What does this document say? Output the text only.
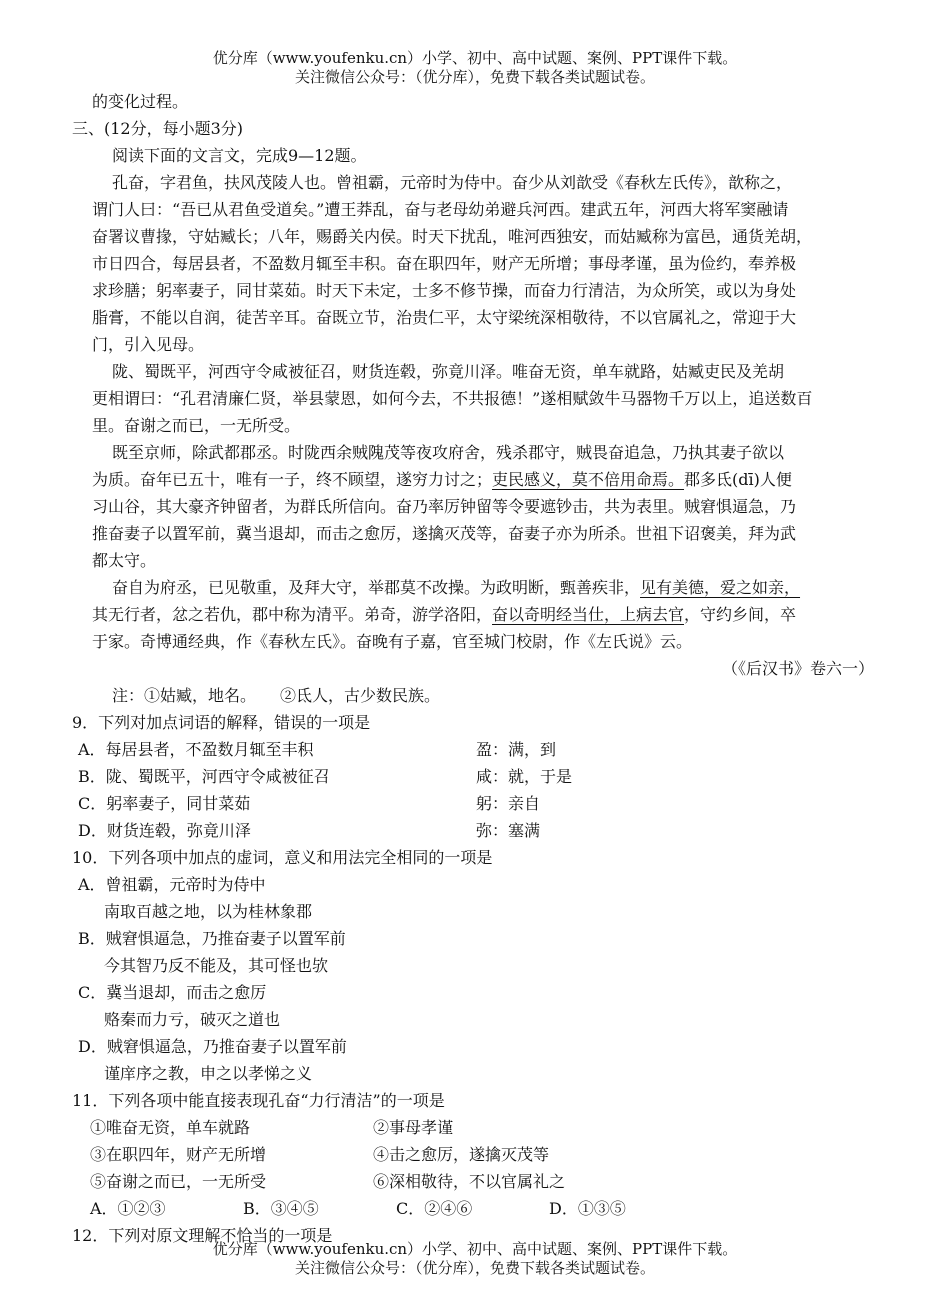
优分库（www.youfenku.cn）小学、初中、高中试题、案例、PPT课件下载。
关注微信公众号：（优分库），免费下载各类试题试卷。
的变化过程。
三、(12分，每小题3分)
阅读下面的文言文，完成9—12题。
孔奋，字君鱼，扶风茂陵人也。曾祖霸，元帝时为侍中。奋少从刘歆受《春秋左氏传》，歆称之，
谓门人曰：“吾已从君鱼受道矣。”遭王莽乱，奋与老母幼弟避兵河西。建武五年，河西大将军窦融请
奋署议曹掾，守姑臧长；八年，赐爵关内侯。时天下扰乱，唯河西独安，而姑臧称为富邑，通货羌胡，
市日四合，每居县者，不盈数月辄至丰积。奋在职四年，财产无所增；事母孝谨，虽为俭约，奉养极
求珍膳；躬率妻子，同甘菜茹。时天下未定，士多不修节操，而奋力行清洁，为众所笑，或以为身处
脂膏，不能以自润，徒苦辛耳。奋既立节，治贵仁平，太守梁统深相敬待，不以官属礼之，常迎于大
门，引入见母。
陇、蜀既平，河西守令咸被征召，财货连毂，弥竟川泽。唯奋无资，单车就路，姑臧吏民及羌胡
更相谓曰：“孔君清廉仁贤，举县蒙恩，如何今去，不共报德！”遂相赋敛牛马器物千万以上，追送数百
里。奋谢之而已，一无所受。
既至京师，除武都郡丞。时陇西余贼隗茂等夜攻府舍，残杀郡守，贼畏奋追急，乃执其妻子欲以
为质。奋年已五十，唯有一子，终不顾望，遂穷力讨之；吏民感义，莫不倍用命焉。郡多氐(dī)人便
习山谷，其大豪齐钟留者，为群氐所信向。奋乃率厉钟留等令要遮钞击，共为表里。贼窘惧逼急，乃
推奋妻子以置军前，冀当退却，而击之愈厉，遂擒灭茂等，奋妻子亦为所杀。世祖下诏褒美，拜为武
都太守。
奋自为府丞，已见敬重，及拜大守，举郡莫不改操。为政明断，甄善疾非，见有美德，爱之如亲，
其无行者，忿之若仇，郡中称为清平。弟奇，游学洛阳，奋以奇明经当仕，上病去官，守约乡间，卒
于家。奇博通经典，作《春秋左氏》。奋晚有子嘉，官至城门校尉，作《左氏说》云。
（《后汉书》卷六一）
注：①姑臧，地名。　　②氐人，古少数民族。
9．下列对加点词语的解释，错误的一项是
A．每居县者，不盈数月辄至丰积	盈：满，到
B．陇、蜀既平，河西守令咸被征召	咸：就，于是
C．躬率妻子，同甘菜茹	躬：亲自
D．财货连毂，弥竟川泽	弥：塞满
10．下列各项中加点的虚词，意义和用法完全相同的一项是
A．曾祖霸，元帝时为侍中
南取百越之地，以为桂林象郡
B．贼窘惧逼急，乃推奋妻子以置军前
今其智乃反不能及，其可怪也欤
C．冀当退却，而击之愈厉
赂秦而力亏，破灭之道也
D．贼窘惧逼急，乃推奋妻子以置军前
谨庠序之教，申之以孝悌之义
11．下列各项中能直接表现孔奋“力行清洁”的一项是
①唯奋无资，单车就路	②事母孝谨
③在职四年，财产无所增	④击之愈厉，遂擒灭茂等
⑤奋谢之而已，一无所受	⑥深相敬待，不以官属礼之
A．①②③	B．③④⑤	C．②④⑥	D．①③⑤
12．下列对原文理解不恰当的一项是
优分库（www.youfenku.cn）小学、初中、高中试题、案例、PPT课件下载。
关注微信公众号：（优分库），免费下载各类试题试卷。
